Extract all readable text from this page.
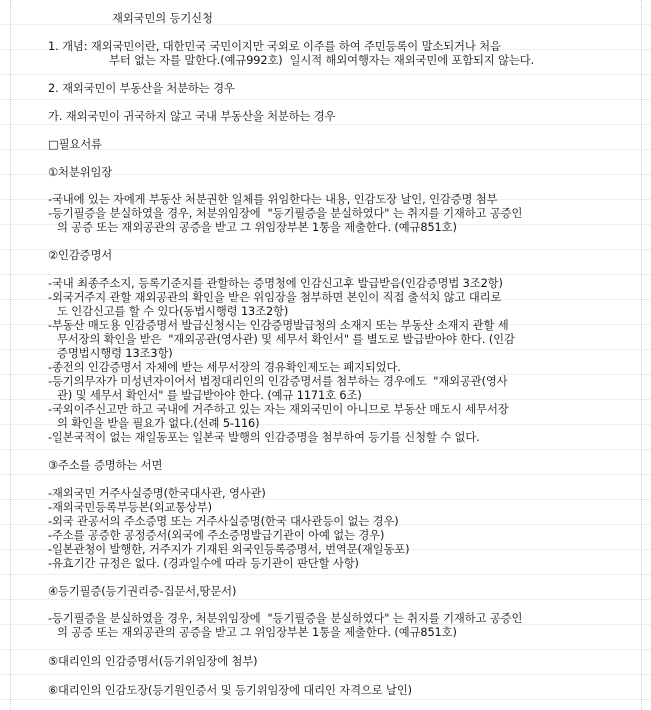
재외국민의 등기신청
1. 개념: 재외국민이란, 대한민국 국민이지만 국외로 이주를 하여 주민등록이 말소되거나 처음
부터 없는 자를 말한다.(예규992호)  일시적 해외여행자는 재외국민에 포함되지 않는다.
2. 재외국민이 부동산을 처분하는 경우
가. 재외국민이 귀국하지 않고 국내 부동산을 처분하는 경우
□필요서류
①처분위임장
-국내에 있는 자에게 부동산 처분권한 일체를 위임한다는 내용, 인감도장 날인, 인감증명 첨부
-등기필증을 분실하였을 경우, 처분위임장에  "등기필증을 분실하였다" 는 취지를 기재하고 공증인
의 공증 또는 재외공관의 공증을 받고 그 위임장부본 1통을 제출한다. (예규851호)
②인감증명서
-국내 최종주소지, 등록기준지를 관할하는 증명청에 인감신고후 발급받음(인감증명법 3조2항)
-외국거주지 관할 재외공관의 확인을 받은 위임장을 첨부하면 본인이 직접 출석치 않고 대리로
도 인감신고를 할 수 있다(동법시행령 13조2항)
-부동산 매도용 인감증명서 발급신청시는 인감증명발급청의 소재지 또는 부동산 소재지 관할 세
무서장의 확인을 받은  "재외공관(영사관) 및 세무서 확인서" 를 별도로 발급받아야 한다. (인감
증명법시행령 13조3항)
-종전의 인감증명서 자체에 받는 세무서장의 경유확인제도는 폐지되었다.
-등기의무자가 미성년자이어서 법정대리인의 인감증명서를 첨부하는 경우에도  "재외공관(영사
관) 및 세무서 확인서" 를 발급받아야 한다. (예규 1171호 6조)
-국외이주신고만 하고 국내에 거주하고 있는 자는 재외국민이 아니므로 부동산 매도시 세무서장
의 확인을 받을 필요가 없다.(선례 5-116)
-일본국적이 없는 재일동포는 일본국 발행의 인감증명을 첨부하여 등기를 신청할 수 없다.
③주소를 증명하는 서면
-재외국민 거주사실증명(한국대사관, 영사관)
-재외국민등록부등본(외교통상부)
-외국 관공서의 주소증명 또는 거주사실증명(한국 대사관등이 없는 경우)
-주소를 공증한 공정증서(외국에 주소증명발급기관이 아예 없는 경우)
-일본관청이 발행한, 거주지가 기재된 외국인등록증명서, 번역문(재일동포)
-유효기간 규정은 없다. (경과일수에 따라 등기관이 판단할 사항)
④등기필증(등기권리증-집문서,땅문서)
-등기필증을 분실하였을 경우, 처분위임장에  "등기필증을 분실하였다" 는 취지를 기재하고 공증인
의 공증 또는 재외공관의 공증을 받고 그 위임장부본 1통을 제출한다. (예규851호)
⑤대리인의 인감증명서(등기위임장에 첨부)
⑥대리인의 인감도장(등기원인증서 및 등기위임장에 대리인 자격으로 날인)
